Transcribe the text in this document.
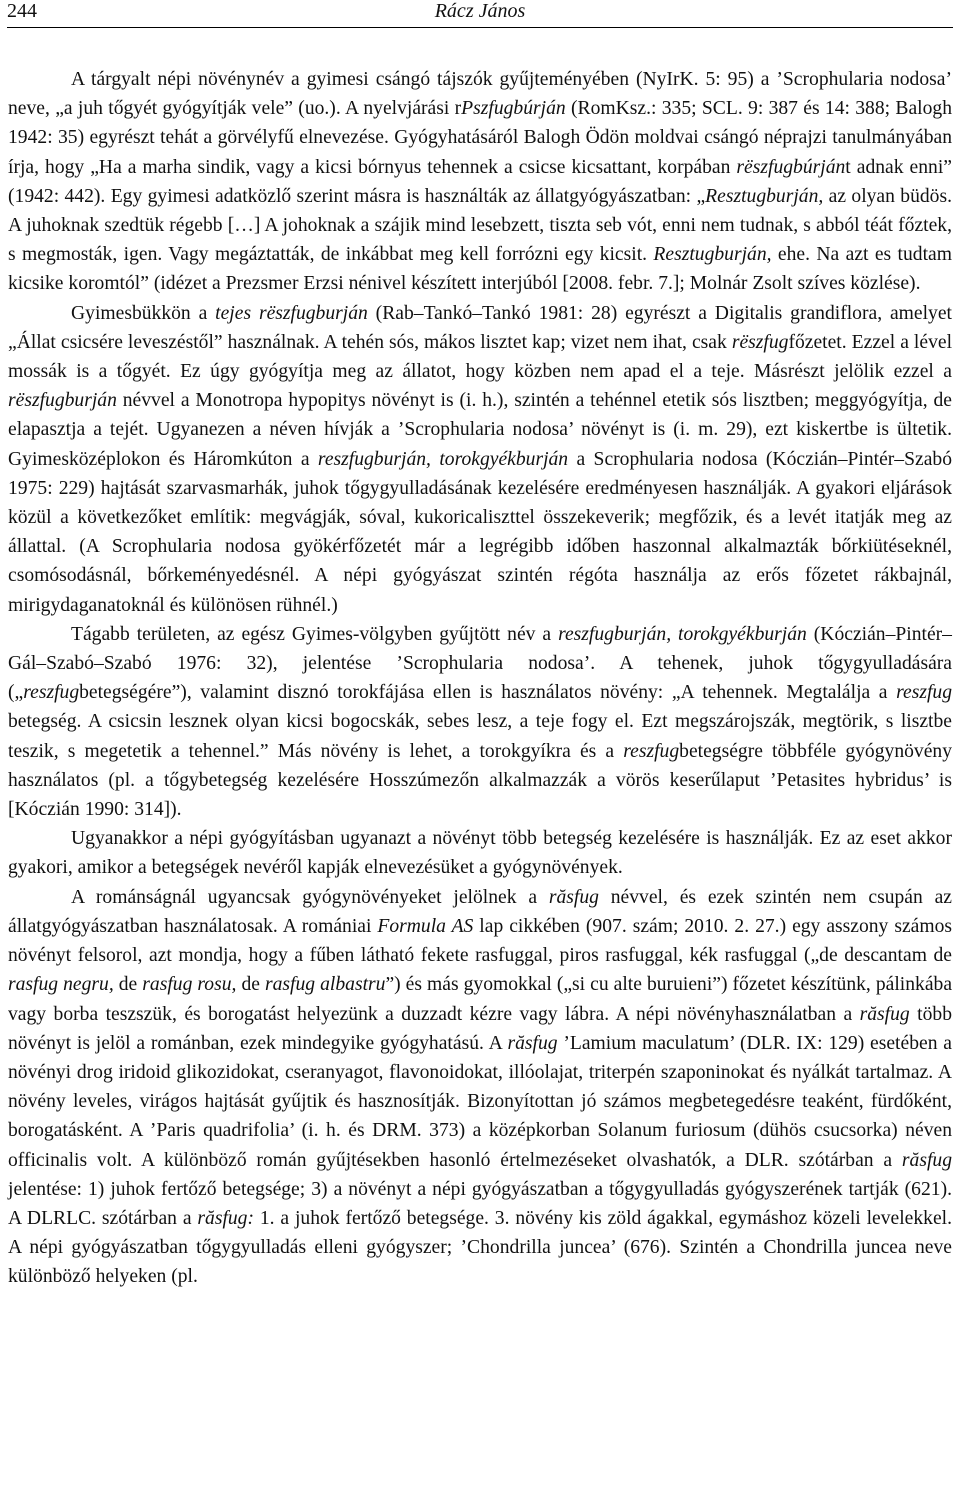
244	Rácz János

A tárgyalt népi növénynév a gyimesi csángó tájszók gyűjteményében (NyIrK. 5: 95) a ’Scrophularia nodosa’ neve, „a juh tőgyét gyógyítják vele” (uo.). A nyelvjárási rPszfugbúrján (RomKsz.: 335; SCL. 9: 387 és 14: 388; Balogh 1942: 35) egyrészt tehát a görvélyfű elnevezése. Gyógyhatásáról Balogh Ödön moldvai csángó néprajzi tanulmányában írja, hogy „Ha a marha sindik, vagy a kicsi bórnyus tehennek a csicse kicsattant, korpában rëszfugbúrjánt adnak enni” (1942: 442). Egy gyimesi adatközlő szerint másra is használták az állatgyógyászatban: „Resztugburján, az olyan büdös. A juhoknak szedtük régebb […] A johoknak a szájik mind lesebzett, tiszta seb vót, enni nem tudnak, s abból téát főztek, s megmosták, igen. Vagy megáztatták, de inkábbat meg kell forrózni egy kicsit. Resztugburján, ehe. Na azt es tudtam kicsike koromtól” (idézet a Prezsmer Erzsi nénivel készített interjúból [2008. febr. 7.]; Molnár Zsolt szíves közlése).

Gyimesbükkön a tejes rëszfugburján (Rab–Tankó–Tankó 1981: 28) egyrészt a Digitalis grandiflora, amelyet „Állat csicsére leveszéstől” használnak. A tehén sós, mákos lisztet kap; vizet nem ihat, csak rëszfugfőzetet. Ezzel a lével mossák is a tőgyét. Ez úgy gyógyítja meg az állatot, hogy közben nem apad el a teje. Másrészt jelölik ezzel a rëszfugburján névvel a Monotropa hypopitys növényt is (i. h.), szintén a tehénnel etetik sós lisztben; meggyógyítja, de elapasztja a tejét. Ugyanezen a néven hívják a ’Scrophularia nodosa’ növényt is (i. m. 29), ezt kiskertbe is ültetik. Gyimesközéplokon és Háromkúton a reszfugburján, torokgyékburján a Scrophularia nodosa (Kóczián–Pintér–Szabó 1975: 229) hajtását szarvasmarhák, juhok tőgygyulladásának kezelésére eredményesen használják. A gyakori eljárások közül a következőket említik: megvágják, sóval, kukoricaliszttel összekeverik; megfőzik, és a levét itatják meg az állattal. (A Scrophularia nodosa gyökérfőzetét már a legrégibb időben haszonnal alkalmazták bőrkiütéseknél, csomósodásnál, bőrkeményedésnél. A népi gyógyászat szintén régóta használja az erős főzetet rákbajnál, mirigydaganatoknál és különösen rühnél.)

Tágabb területen, az egész Gyimes-völgyben gyűjtött név a reszfugburján, torokgyékburján (Kóczián–Pintér–Gál–Szabó–Szabó 1976: 32), jelentése ’Scrophularia nodosa’. A tehenek, juhok tőgygyulladására („reszfugbetegségére”), valamint disznó torokfájása ellen is használatos növény: „A tehennek. Megtalálja a reszfug betegség. A csicsin lesznek olyan kicsi bogocskák, sebes lesz, a teje fogy el. Ezt megszárojszák, megtörik, s lisztbe teszik, s megetetik a tehennel.” Más növény is lehet, a torokgyíkra és a reszfugbetegségre többféle gyógynövény használatos (pl. a tőgybetegség kezelésére Hosszúmezőn alkalmazzák a vörös keserűlaput ’Petasites hybridus’ is [Kóczián 1990: 314]).

Ugyanakkor a népi gyógyításban ugyanazt a növényt több betegség kezelésére is használják. Ez az eset akkor gyakori, amikor a betegségek nevéről kapják elnevezésüket a gyógynövények.

A románságnál ugyancsak gyógynövényeket jelölnek a răsfug névvel, és ezek szintén nem csupán az állatgyógyászatban használatosak. A romániai Formula AS lap cikkében (907. szám; 2010. 2. 27.) egy asszony számos növényt felsorol, azt mondja, hogy a fűben látható fekete rasfuggal, piros rasfuggal, kék rasfuggal („de descantam de rasfug negru, de rasfug rosu, de rasfug albastru”) és más gyomokkal („si cu alte buruieni”) főzetet készítünk, pálinkába vagy borba teszszük, és borogatást helyezünk a duzzadt kézre vagy lábra. A népi növényhasználatban a răsfug több növényt is jelöl a románban, ezek mindegyike gyógyhatású. A răsfug ’Lamium maculatum’ (DLR. IX: 129) esetében a növényi drog iridoid glikozidokat, cseranyagot, flavonoidokat, illóolajat, triterpén szaponinokat és nyálkát tartalmaz. A növény leveles, virágos hajtását gyűjtik és hasznosítják. Bizonyítottan jó számos megbetegedésre teaként, fürdőként, borogatásként. A ’Paris quadrifolia’ (i. h. és DRM. 373) a középkorban Solanum furiosum (dühös csucsorka) néven officinalis volt. A különböző román gyűjtésekben hasonló értelmezéseket olvashatók, a DLR. szótárban a răsfug jelentése: 1) juhok fertőző betegsége; 3) a növényt a népi gyógyászatban a tőgygyulladás gyógyszerének tartják (621). A DLRLC. szótárban a răsfug: 1. a juhok fertőző betegsége. 3. növény kis zöld ágakkal, egymáshoz közeli levelekkel. A népi gyógyászatban tőgygyulladás elleni gyógyszer; ’Chondrilla juncea’ (676). Szintén a Chondrilla juncea neve különböző helyeken (pl.
